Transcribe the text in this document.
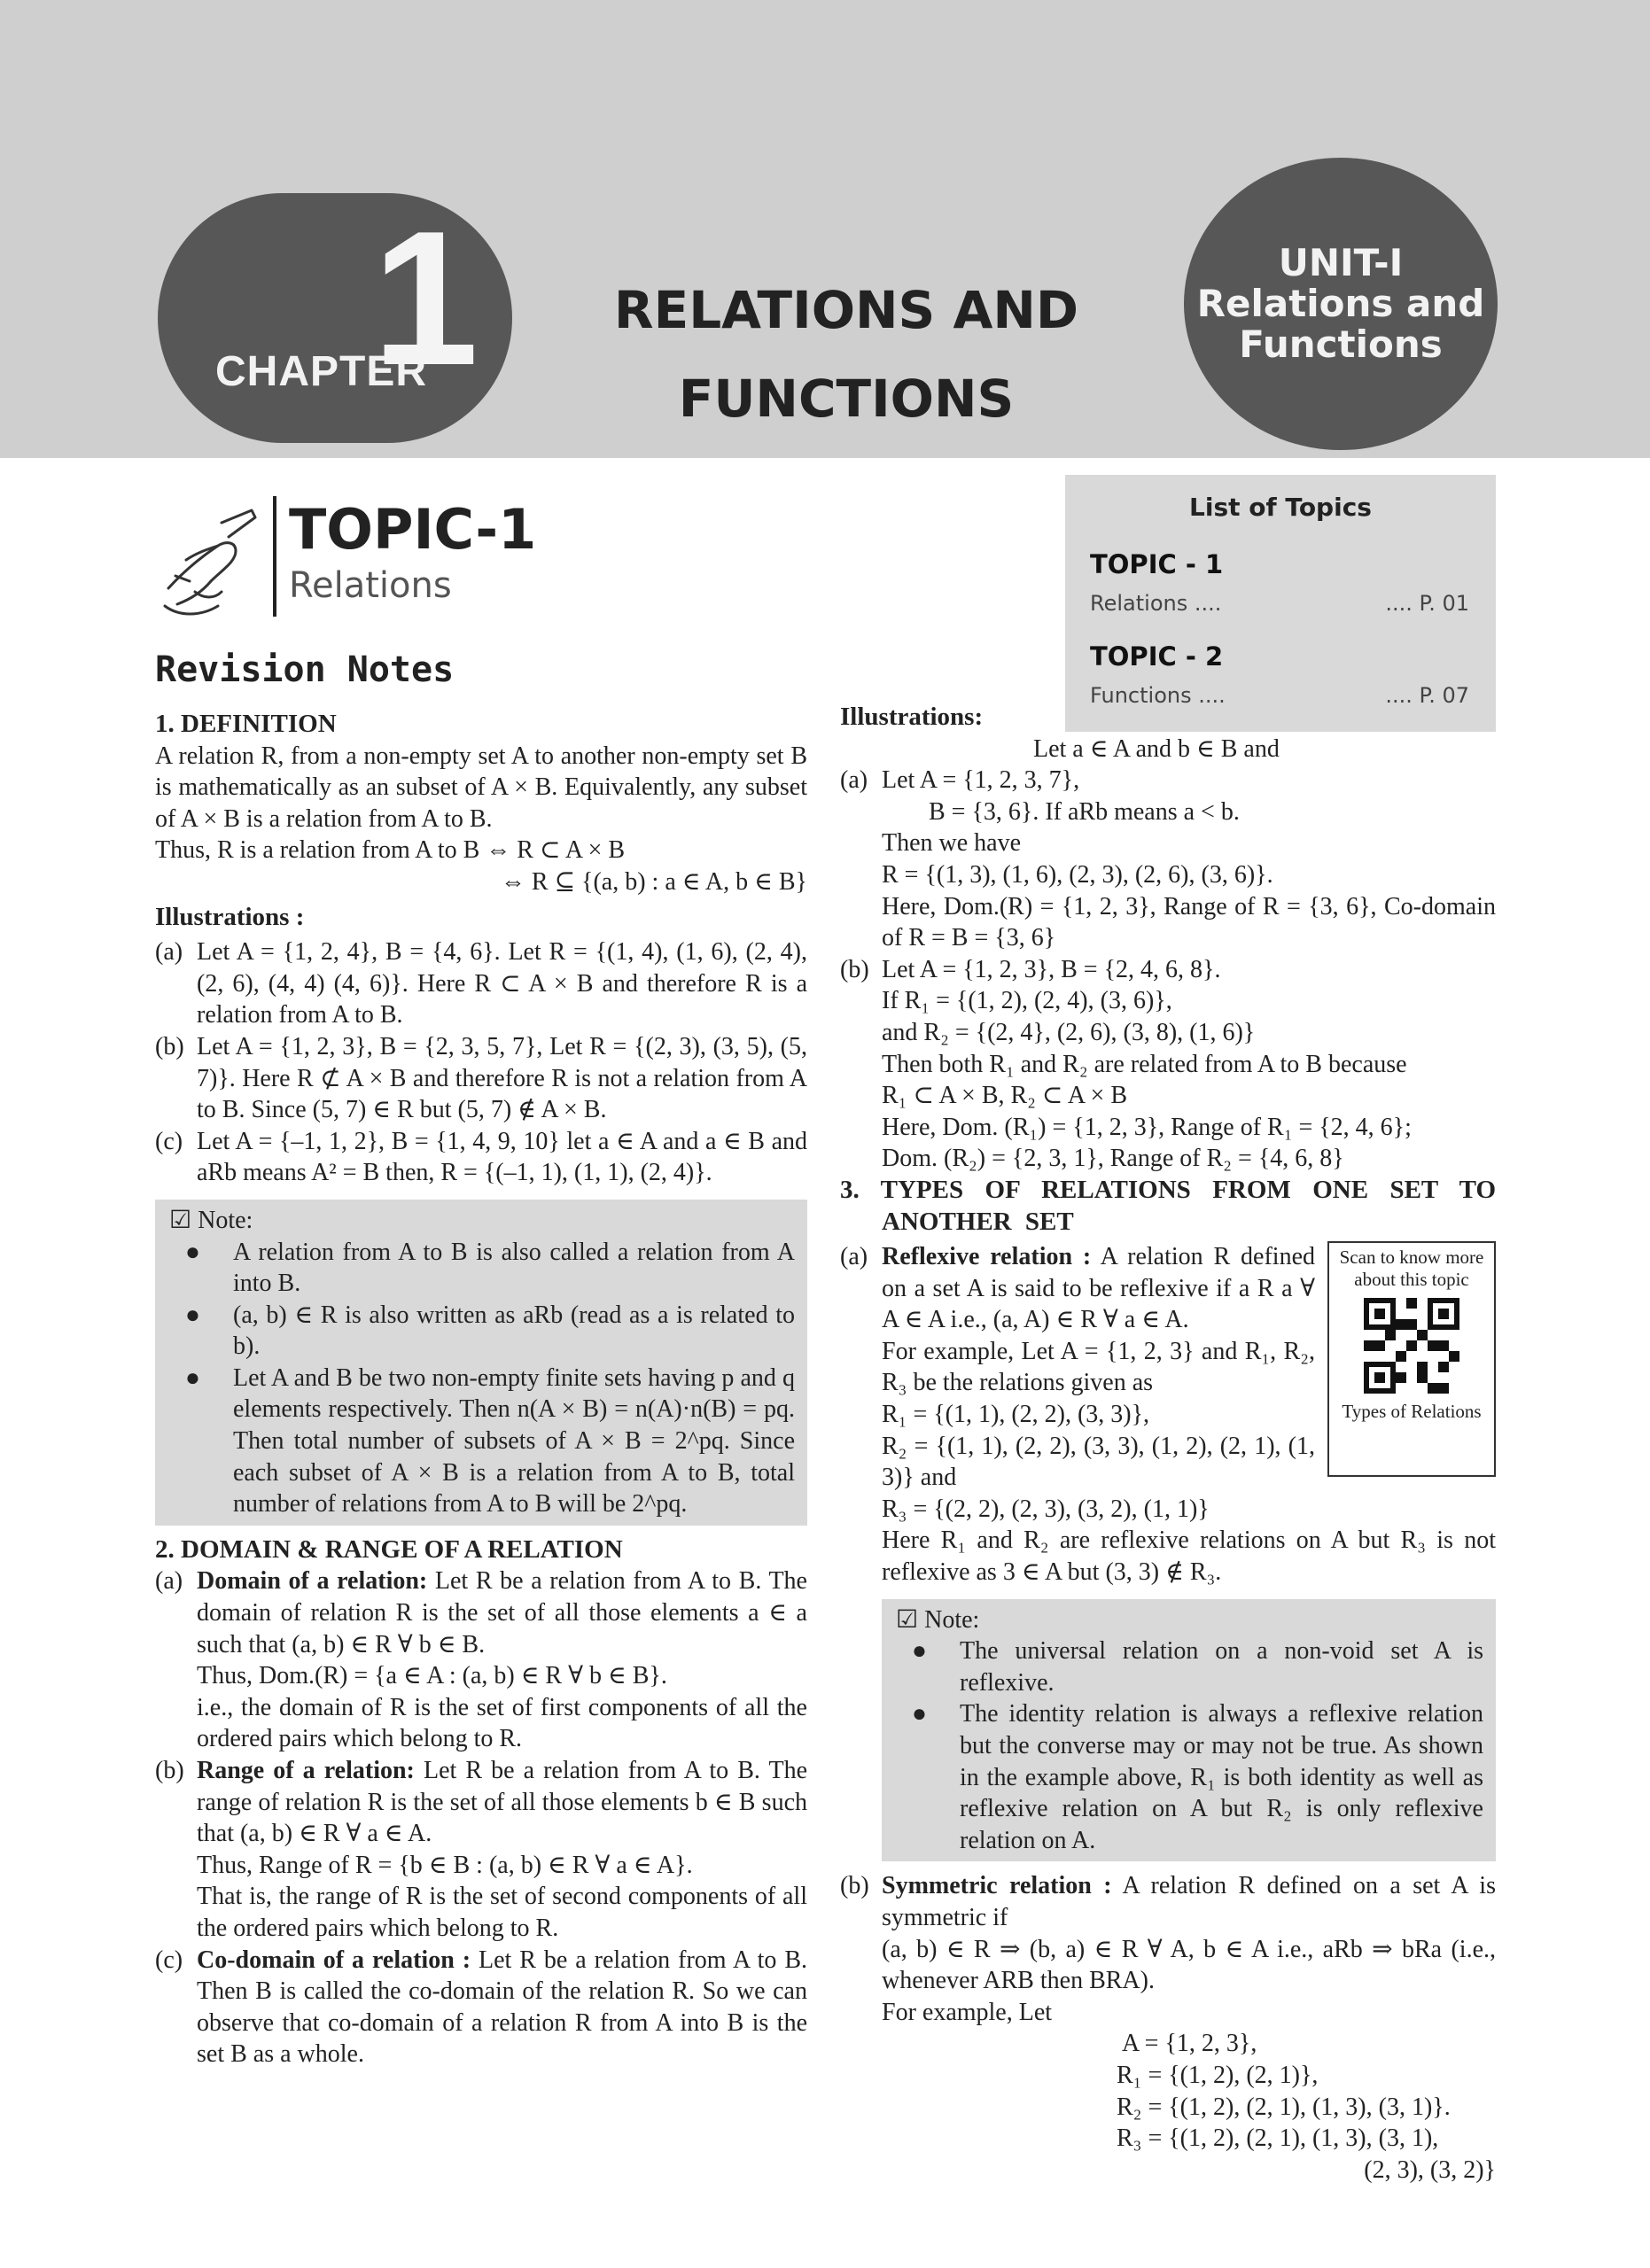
CHAPTER
1	RELATIONS AND
FUNCTIONS
UNIT-I
Relations and
Functions
TOPIC-1
Relations
List of Topics
TOPIC - 1
Relations ....	.... P. 01
TOPIC - 2
Functions ....	.... P. 07
Revision Notes

1. DEFINITION

A relation R, from a non-empty set A to another non-empty set B is mathematically as an subset of A × B. Equivalently, any subset of A × B is a relation from A to B.

Thus, R is a relation from A to B ⇔ R ⊂ A × B

⇔ R ⊆ {(a, b) : a ∈ A, b ∈ B}

Illustrations :

(a) Let A = {1, 2, 4}, B = {4, 6}. Let R = {(1, 4), (1, 6), (2, 4), (2, 6), (4, 4) (4, 6)}. Here R ⊂ A × B and therefore R is a relation from A to B.
(b) Let A = {1, 2, 3}, B = {2, 3, 5, 7}, Let R = {(2, 3), (3, 5), (5, 7)}. Here R ⊄ A × B and therefore R is not a relation from A to B. Since (5, 7) ∈ R but (5, 7) ∉ A × B.
(c) Let A = {–1, 1, 2}, B = {1, 4, 9, 10} let a ∈ A and a ∈ B and aRb means A² = B then, R = {(–1, 1), (1, 1), (2, 4)}.

☑ Note:

●	A relation from A to B is also called a relation from A into B.
●	(a, b) ∈ R is also written as aRb (read as a is related to b).
●	Let A and B be two non-empty finite sets having p and q elements respectively. Then n(A × B) = n(A)·n(B) = pq. Then total number of subsets of A × B = 2^pq. Since each subset of A × B is a relation from A to B, total number of relations from A to B will be 2^pq.

2. DOMAIN & RANGE OF A RELATION

(a) Domain of a relation: Let R be a relation from A to B. The domain of relation R is the set of all those elements a ∈ a such that (a, b) ∈ R ∀ b ∈ B.

Thus, Dom.(R) = {a ∈ A : (a, b) ∈ R ∀ b ∈ B}.

i.e., the domain of R is the set of first components of all the ordered pairs which belong to R.

(b) Range of a relation: Let R be a relation from A to B. The range of relation R is the set of all those elements b ∈ B such that (a, b) ∈ R ∀ a ∈ A.

Thus, Range of R = {b ∈ B : (a, b) ∈ R ∀ a ∈ A}.

That is, the range of R is the set of second components of all the ordered pairs which belong to R.

(c) Co-domain of a relation : Let R be a relation from A to B. Then B is called the co-domain of the relation R. So we can observe that co-domain of a relation R from A into B is the set B as a whole.

Illustrations:

Let a ∈ A and b ∈ B and

(a) Let A = {1, 2, 3, 7},

B = {3, 6}. If aRb means a < b.

Then we have

R = {(1, 3), (1, 6), (2, 3), (2, 6), (3, 6)}.

Here, Dom.(R) = {1, 2, 3}, Range of R = {3, 6}, Co-domain of R = B = {3, 6}

(b) Let A = {1, 2, 3}, B = {2, 4, 6, 8}.

If R₁ = {(1, 2), (2, 4), (3, 6)},

and R₂ = {(2, 4}, (2, 6), (3, 8), (1, 6)}

Then both R₁ and R₂ are related from A to B because

R₁ ⊂ A × B, R₂ ⊂ A × B

Here, Dom. (R₁) = {1, 2, 3}, Range of R₁ = {2, 4, 6};

Dom. (R₂) = {2, 3, 1}, Range of R₂ = {4, 6, 8}

3. TYPES OF RELATIONS FROM ONE SET TO ANOTHER SET

(a)	Scan to know more about this topic
Types of Relations

Reflexive relation : A relation R defined on a set A is said to be reflexive if a R a ∀ A ∈ A i.e., (a, A) ∈ R ∀ a ∈ A.

For example, Let A = {1, 2, 3} and R₁, R₂, R₃ be the relations given as

R₁ = {(1, 1), (2, 2), (3, 3)},

R₂ = {(1, 1), (2, 2), (3, 3), (1, 2), (2, 1), (1, 3)} and

R₃ = {(2, 2), (2, 3), (3, 2), (1, 1)}

Here R₁ and R₂ are reflexive relations on A but R₃ is not reflexive as 3 ∈ A but (3, 3) ∉ R₃.

☑ Note:

●	The universal relation on a non-void set A is reflexive.
●	The identity relation is always a reflexive relation but the converse may or may not be true. As shown in the example above, R₁ is both identity as well as reflexive relation on A but R₂ is only reflexive relation on A.
(b) Symmetric relation : A relation R defined on a set A is symmetric if

(a, b) ∈ R ⇒ (b, a) ∈ R ∀ A, b ∈ A i.e., aRb ⇒ bRa (i.e., whenever ARB then BRA).

For example, Let

A = {1, 2, 3},

R₁ = {(1, 2), (2, 1)},

R₂ = {(1, 2), (2, 1), (1, 3), (3, 1)}.

R₃ = {(1, 2), (2, 1), (1, 3), (3, 1),

(2, 3), (3, 2)}
